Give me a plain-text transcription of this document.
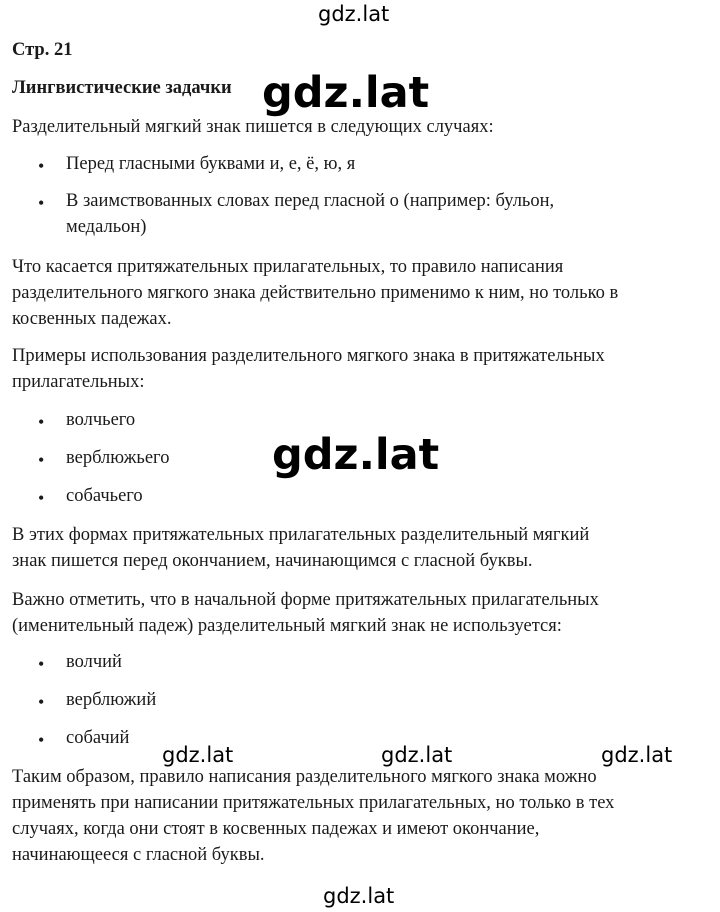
gdz.lat
Стр. 21
Лингвистические задачки gdz.lat
Разделительный мягкий знак пишется в следующих случаях:
• Перед гласными буквами и, е, ё, ю, я
• В заимствованных словах перед гласной о (например: бульон,
медальон)
Что касается притяжательных прилагательных, то правило написания
разделительного мягкого знака действительно применимо к ним, но только в
косвенных падежах.
Примеры использования разделительного мягкого знака в притяжательных
прилагательных:
• волчьего
• верблюжьего
• собачьего
gdz.lat
В этих формах притяжательных прилагательных разделительный мягкий
знак пишется перед окончанием, начинающимся с гласной буквы.
Важно отметить, что в начальной форме притяжательных прилагательных
(именительный падеж) разделительный мягкий знак не используется:
• волчий
• верблюжий
• собачий
gdz.lat	gdz.lat	gdz.lat
Таким образом, правило написания разделительного мягкого знака можно
применять при написании притяжательных прилагательных, но только в тех
случаях, когда они стоят в косвенных падежах и имеют окончание,
начинающееся с гласной буквы.
gdz.lat
